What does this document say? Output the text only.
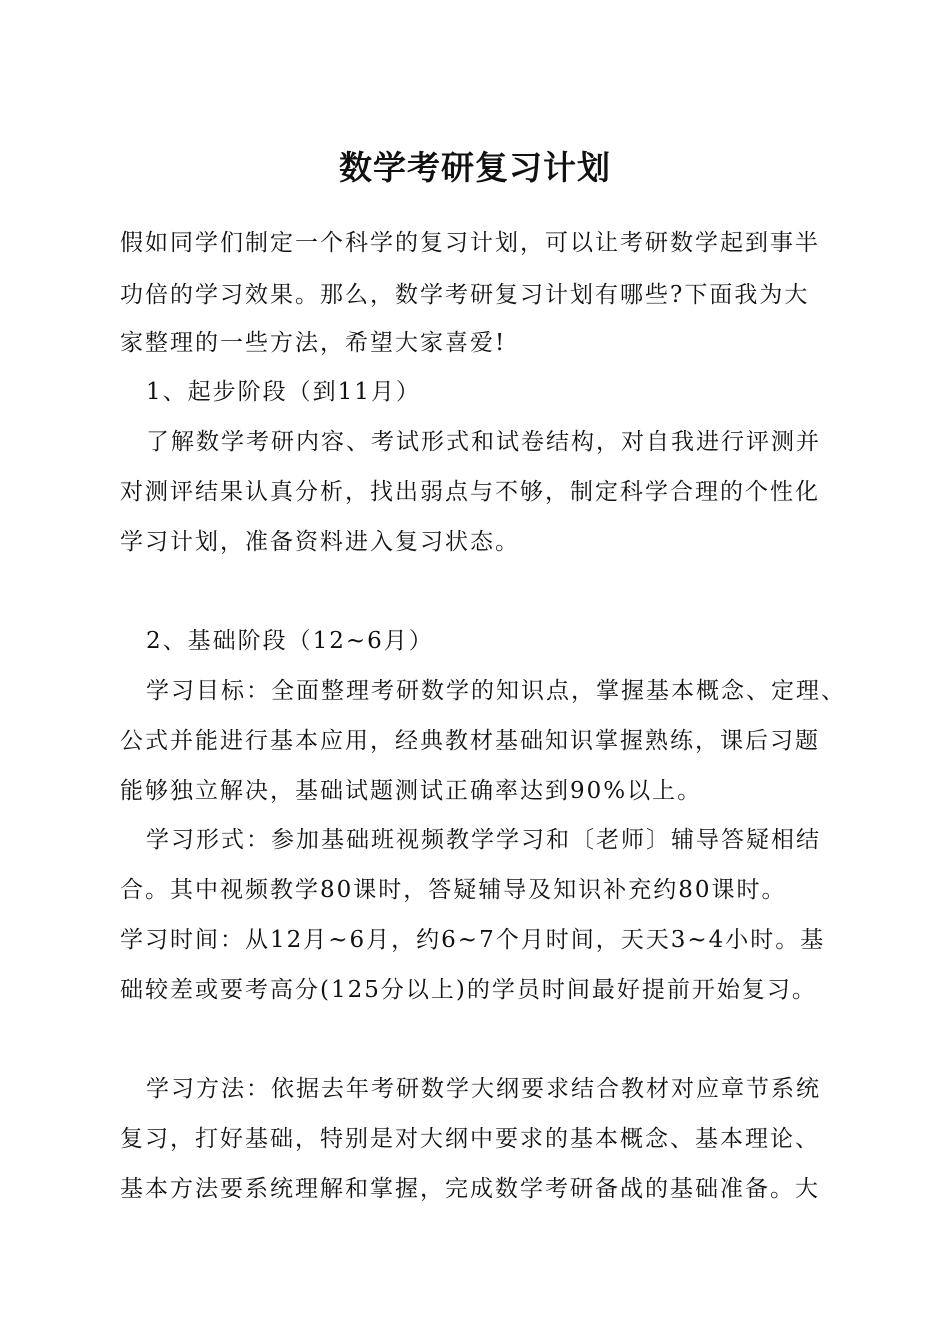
数学考研复习计划
假如同学们制定一个科学的复习计划，可以让考研数学起到事半
功倍的学习效果。那么，数学考研复习计划有哪些?下面我为大
家整理的一些方法，希望大家喜爱!
1、起步阶段（到11月）
了解数学考研内容、考试形式和试卷结构，对自我进行评测并
对测评结果认真分析，找出弱点与不够，制定科学合理的个性化
学习计划，准备资料进入复习状态。
2、基础阶段（12~6月）
学习目标：全面整理考研数学的知识点，掌握基本概念、定理、
公式并能进行基本应用，经典教材基础知识掌握熟练，课后习题
能够独立解决，基础试题测试正确率达到90%以上。
学习形式：参加基础班视频教学学习和〔老师〕辅导答疑相结
合。其中视频教学80课时，答疑辅导及知识补充约80课时。
学习时间：从12月~6月，约6~7个月时间，天天3~4小时。基
础较差或要考高分(125分以上)的学员时间最好提前开始复习。
学习方法：依据去年考研数学大纲要求结合教材对应章节系统
复习，打好基础，特别是对大纲中要求的基本概念、基本理论、
基本方法要系统理解和掌握，完成数学考研备战的基础准备。大
